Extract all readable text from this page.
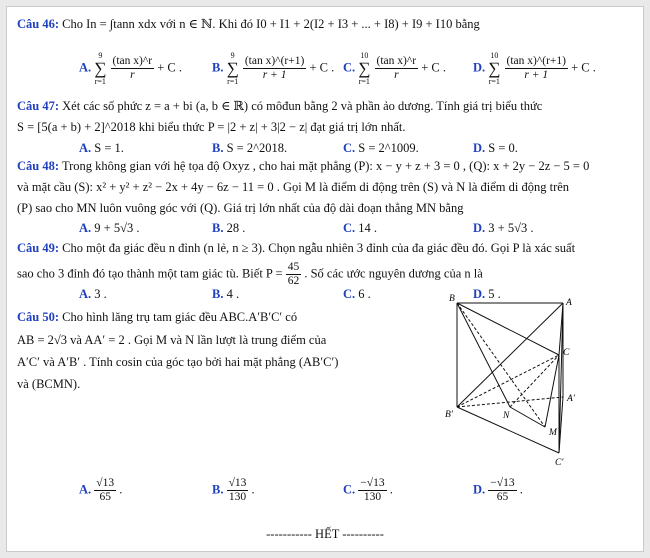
Câu 46: Cho In = ∫tann xdx với n ∈ ℕ. Khi đó I0 + I1 + 2(I2 + I3 + ... + I8) + I9 + I10 bằng
A. 9
∑
$r=1 \frac{\text{(tan x)\textasciicircum{}r}}{r} + C$ . B. 9
∑
$r=1 \frac{\text{(tan x)\textasciicircum{}(r+1)}}{r + 1} + C$ . C. 10
∑
$r=1 \frac{\text{(tan x)\textasciicircum{}r}}{r} + C$ . D. 10
∑
$r=1 \frac{\text{(tan x)\textasciicircum{}(r+1)}}{r + 1} + C$ .
Câu 47: Xét các số phức z = a + bi (a, b ∈ ℝ) có môđun bằng 2 và phần ảo dương. Tính giá trị biểu thức
S = [5(a + b) + 2]^2018 khi biểu thức P = |2 + z| + 3|2 − z| đạt giá trị lớn nhất.
A. S = 1.	B. S = 2^2018.	C. S = 2^1009.	D. S = 0.
Câu 48: Trong không gian với hệ tọa độ Oxyz , cho hai mặt phẳng (P): x − y + z + 3 = 0 , (Q): x + 2y − 2z − 5 = 0
và mặt cầu (S): x² + y² + z² − 2x + 4y − 6z − 11 = 0 . Gọi M là điểm di động trên (S) và N là điểm di động trên
(P) sao cho MN luôn vuông góc với (Q). Giá trị lớn nhất của độ dài đoạn thẳng MN bằng
A. 9 + 5√3 .	B. 28 .	C. 14 .	D. 3 + 5√3 .
Câu 49: Cho một đa giác đều n đỉnh (n lẻ, n ≥ 3). Chọn ngẫu nhiên 3 đỉnh của đa giác đều đó. Gọi P là xác suất
sao cho 3 đỉnh đó tạo thành một tam giác tù. Biết $P = \frac{45}{62}$ . Số các ước nguyên dương của n là
A. 3 .	B. 4 .	C. 6 .	D. 5 .
Câu 50: Cho hình lăng trụ tam giác đều ABC.A′B′C′ có
AB = 2√3 và AA′ = 2 . Gọi M và N lần lượt là trung điểm của
A′C′ và A′B′ . Tính cosin của góc tạo bởi hai mặt phẳng (AB′C′)
và (BCMN).
B	A
C
B′	N
A′
M
C′
A. $\frac{√13}{65}$ .	B. $\frac{√13}{130}$ .	C. $\frac{-√13}{130}$ .	D. $\frac{-√13}{65}$ .
----------- HẾT ----------
